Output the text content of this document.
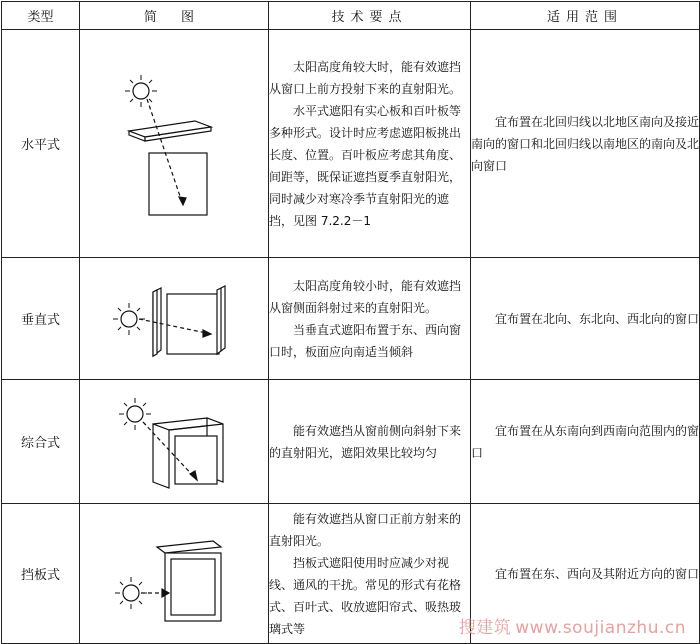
类型	简 图	技术要点	适用范围
水平式		太阳高度角较大时，能有效遮挡从窗口上前方投射下来的直射阳光。

水平式遮阳有实心板和百叶板等多种形式。设计时应考虑遮阳板挑出长度、位置。百叶板应考虑其角度、间距等，既保证遮挡夏季直射阳光，同时减少对寒冷季节直射阳光的遮挡，见图 7.2.2－1	宜布置在北回归线以北地区南向及接近南向的窗口和北回归线以南地区的南向及北向窗口

垂直式		太阳高度角较小时，能有效遮挡从窗侧面斜射过来的直射阳光。

当垂直式遮阳布置于东、西向窗口时，板面应向南适当倾斜	宜布置在北向、东北向、西北向的窗口

综合式		能有效遮挡从窗前侧向斜射下来的直射阳光，遮阳效果比较均匀	宜布置在从东南向到西南向范围内的窗口

挡板式		能有效遮挡从窗口正前方射来的直射阳光。

挡板式遮阳使用时应减少对视线、通风的干扰。常见的形式有花格式、百叶式、收放遮阳帘式、吸热玻璃式等	宜布置在东、西向及其附近方向的窗口

搜建筑 www.soujianzhu.cn
